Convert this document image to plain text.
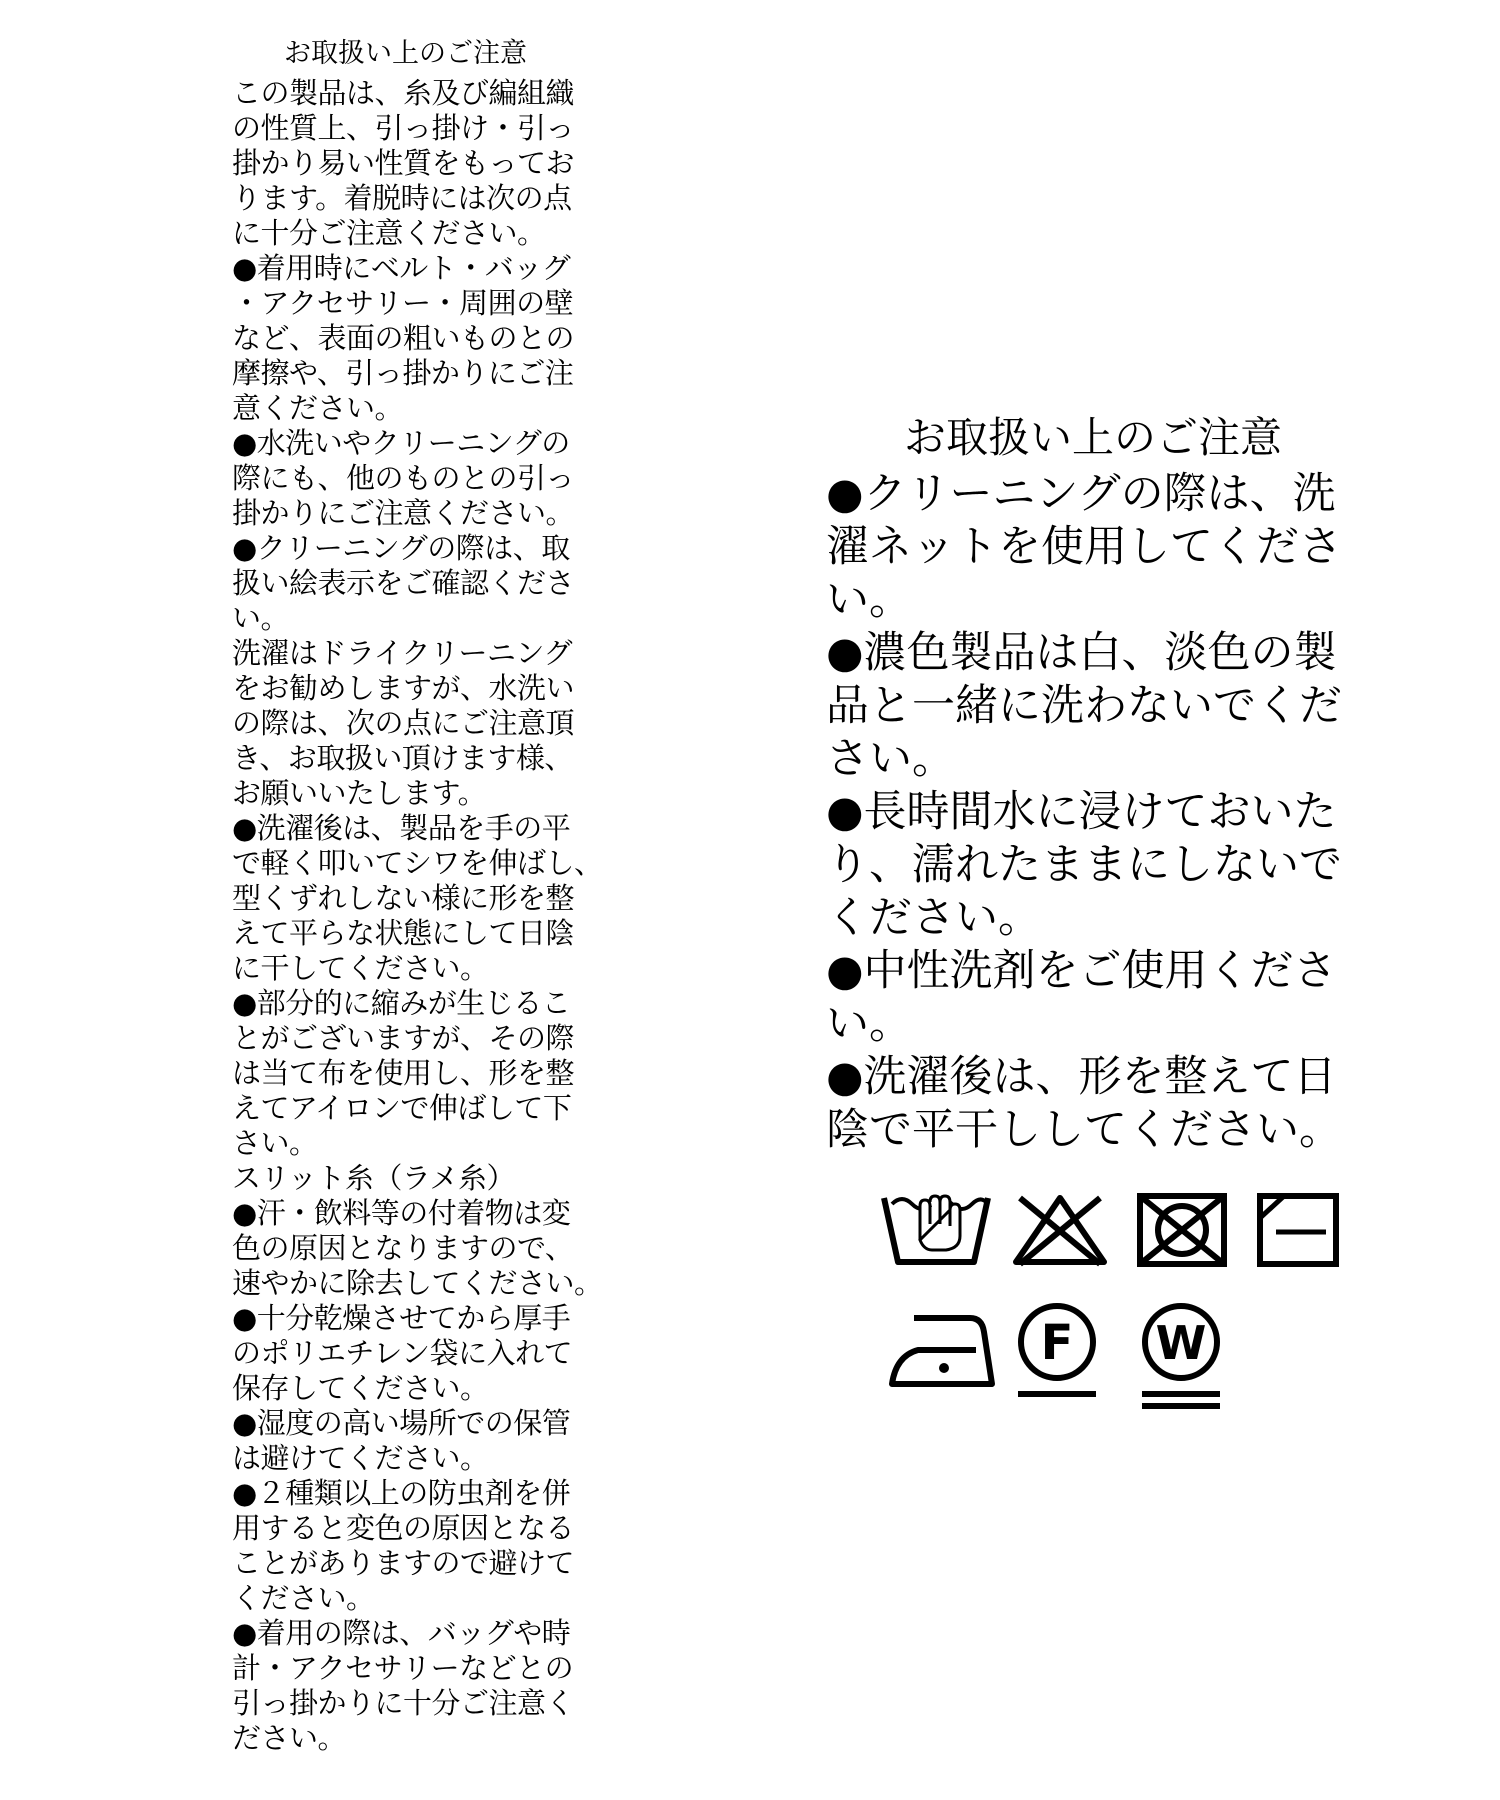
お取扱い上のご注意
この製品は、糸及び編組織
の性質上、引っ掛け・引っ
掛かり易い性質をもってお
ります。着脱時には次の点
に十分ご注意ください。
●着用時にベルト・バッグ
・アクセサリー・周囲の壁
など、表面の粗いものとの
摩擦や、引っ掛かりにご注
意ください。
●水洗いやクリーニングの
際にも、他のものとの引っ
掛かりにご注意ください。
●クリーニングの際は、取
扱い絵表示をご確認くださ
い。
洗濯はドライクリーニング
をお勧めしますが、水洗い
の際は、次の点にご注意頂
き、お取扱い頂けます様、
お願いいたします。
●洗濯後は、製品を手の平
で軽く叩いてシワを伸ばし、
型くずれしない様に形を整
えて平らな状態にして日陰
に干してください。
●部分的に縮みが生じるこ
とがございますが、その際
は当て布を使用し、形を整
えてアイロンで伸ばして下
さい。
スリット糸（ラメ糸）
●汗・飲料等の付着物は変
色の原因となりますので、
速やかに除去してください。
●十分乾燥させてから厚手
のポリエチレン袋に入れて
保存してください。
●湿度の高い場所での保管
は避けてください。
●２種類以上の防虫剤を併
用すると変色の原因となる
ことがありますので避けて
ください。
●着用の際は、バッグや時
計・アクセサリーなどとの
引っ掛かりに十分ご注意く
ださい。
お取扱い上のご注意
●クリーニングの際は、洗
濯ネットを使用してくださ
い。
●濃色製品は白、淡色の製
品と一緒に洗わないでくだ
さい。
●長時間水に浸けておいた
り、濡れたままにしないで
ください。
●中性洗剤をご使用くださ
い。
●洗濯後は、形を整えて日
陰で平干ししてください。
F W
